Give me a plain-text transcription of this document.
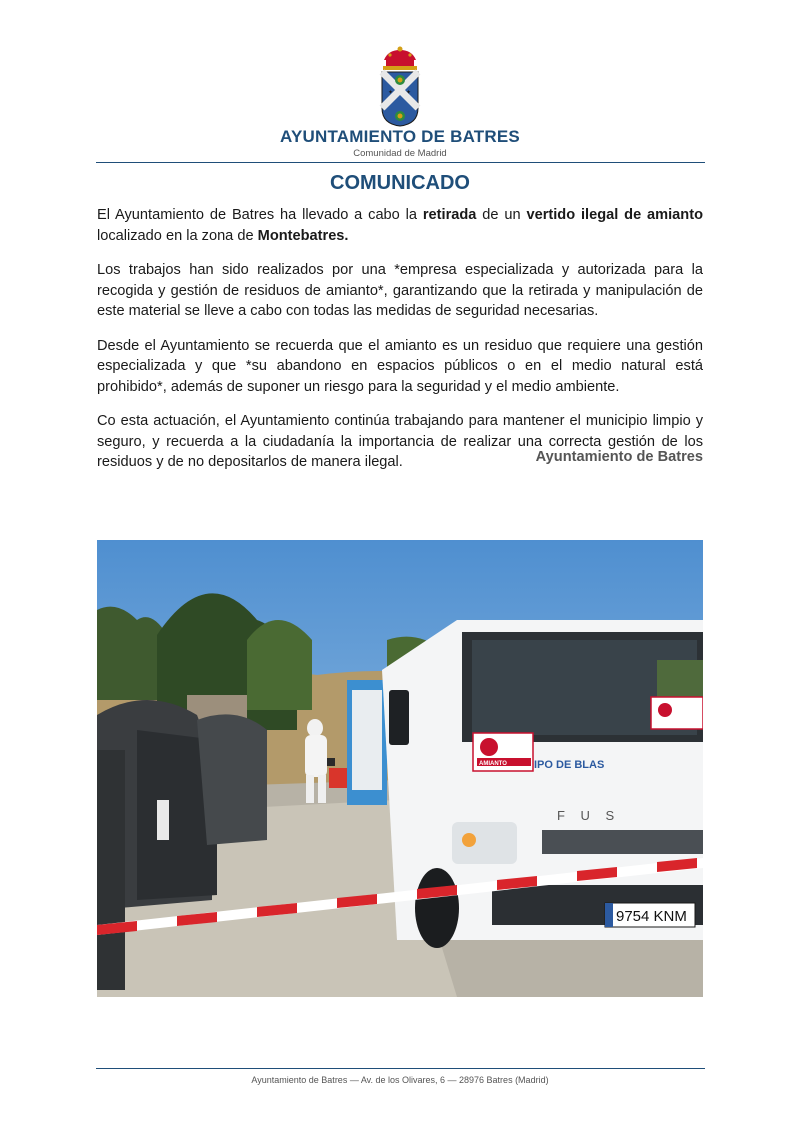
✦ ✦
AYUNTAMIENTO DE BATRES
Comunidad de Madrid
COMUNICADO

El Ayuntamiento de Batres ha llevado a cabo la retirada de un vertido ilegal de amianto localizado en la zona de Montebatres.

Los trabajos han sido realizados por una *empresa especializada y autorizada para la recogida y gestión de residuos de amianto*, garantizando que la retirada y manipulación de este material se lleve a cabo con todas las medidas de seguridad necesarias.

Desde el Ayuntamiento se recuerda que el amianto es un residuo que requiere una gestión especializada y que *su abandono en espacios públicos o en el medio natural está prohibido*, además de suponer un riesgo para la seguridad y el medio ambiente.

Co esta actuación, el Ayuntamiento continúa trabajando para mantener el municipio limpio y seguro, y recuerda a la ciudadanía la importancia de realizar una correcta gestión de los residuos y de no depositarlos de manera ilegal.	Ayuntamiento de Batres
AMIANTO IPO DE BLAS
F U S
9754 KNM
Ayuntamiento de Batres — Av. de los Olivares, 6 — 28976 Batres (Madrid)
